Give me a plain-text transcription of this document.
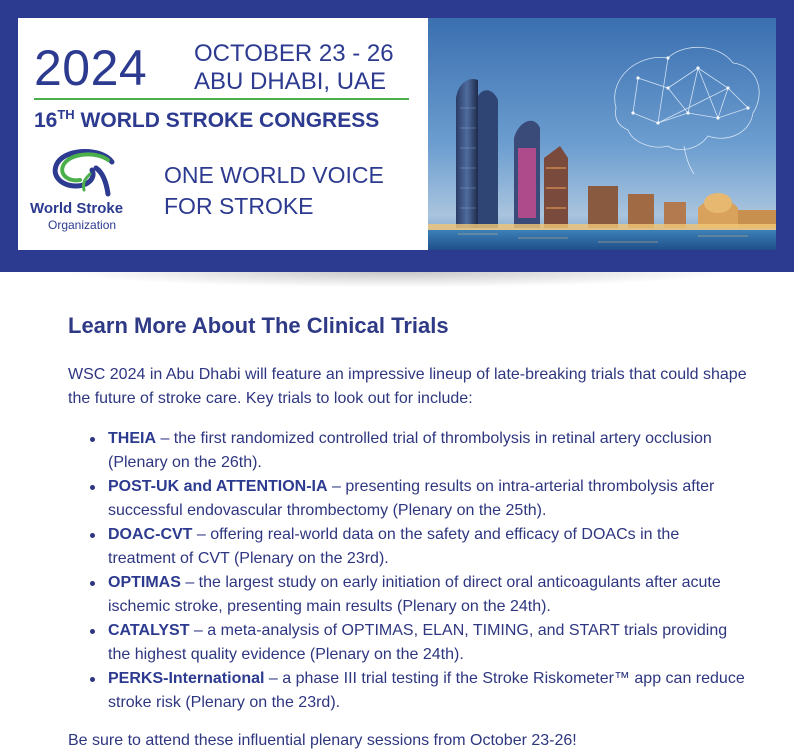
2024 OCTOBER 23 - 26
ABU DHABI, UAE
16TH WORLD STROKE CONGRESS
World Stroke
Organization
ONE WORLD VOICE
FOR STROKE
Learn More About The Clinical Trials

WSC 2024 in Abu Dhabi will feature an impressive lineup of late-breaking trials that could shape the future of stroke care. Key trials to look out for include:

THEIA – the first randomized controlled trial of thrombolysis in retinal artery occlusion (Plenary on the 26th).
POST-UK and ATTENTION-IA – presenting results on intra-arterial thrombolysis after successful endovascular thrombectomy (Plenary on the 25th).
DOAC-CVT – offering real-world data on the safety and efficacy of DOACs in the treatment of CVT (Plenary on the 23rd).
OPTIMAS – the largest study on early initiation of direct oral anticoagulants after acute ischemic stroke, presenting main results (Plenary on the 24th).
CATALYST – a meta-analysis of OPTIMAS, ELAN, TIMING, and START trials providing the highest quality evidence (Plenary on the 24th).
PERKS-International – a phase III trial testing if the Stroke Riskometer™ app can reduce stroke risk (Plenary on the 23rd).

Be sure to attend these influential plenary sessions from October 23-26!
